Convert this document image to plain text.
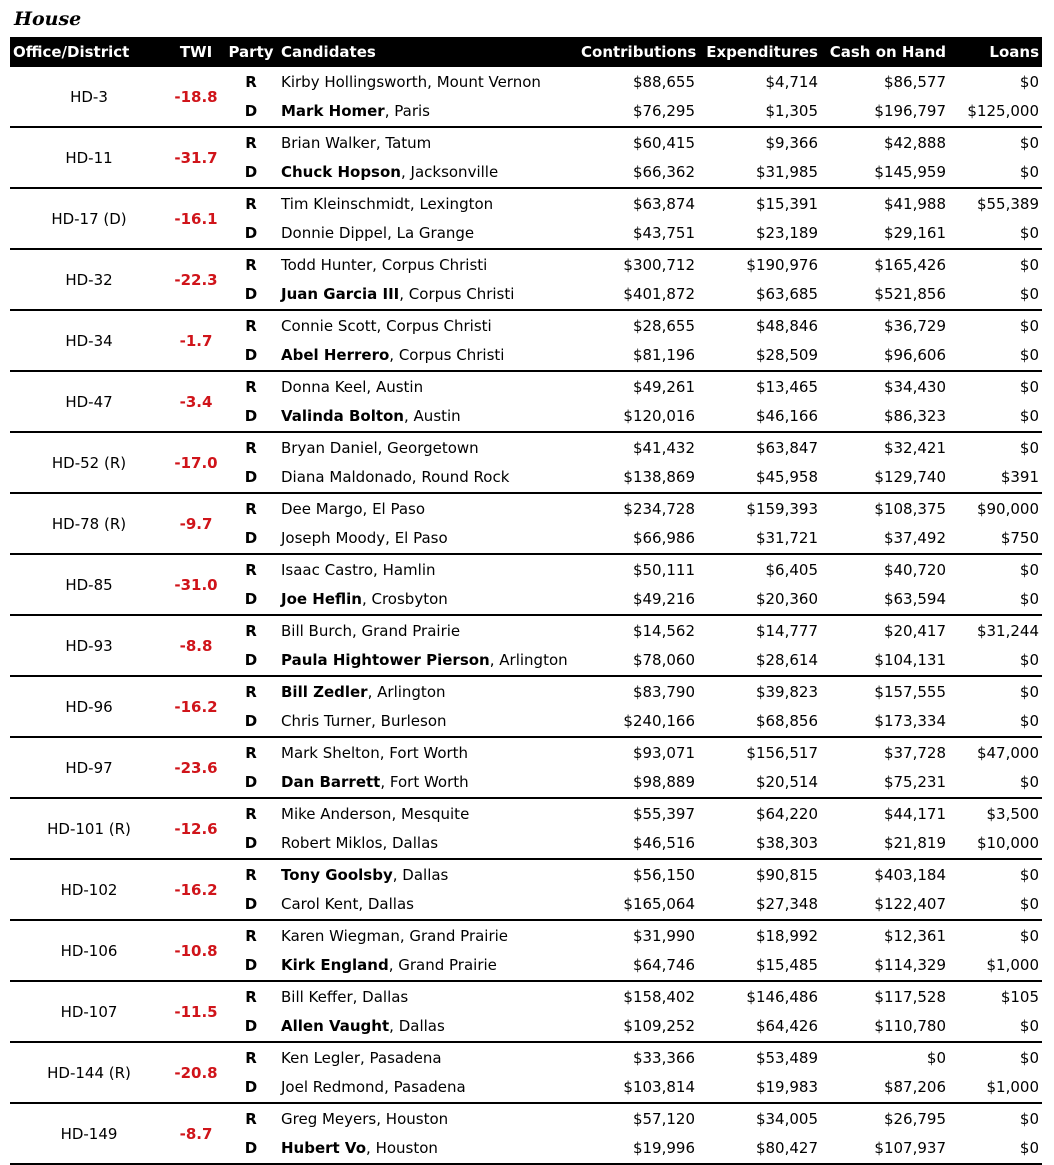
House
Office/District	TWI	Party	Candidates	Contributions	Expenditures	Cash on Hand	Loans
HD-3	-18.8	R	Kirby Hollingsworth, Mount Vernon	$88,655	$4,714	$86,577	$0
		D	Mark Homer, Paris	$76,295	$1,305	$196,797	$125,000
HD-11	-31.7	R	Brian Walker, Tatum	$60,415	$9,366	$42,888	$0
		D	Chuck Hopson, Jacksonville	$66,362	$31,985	$145,959	$0
HD-17 (D)	-16.1	R	Tim Kleinschmidt, Lexington	$63,874	$15,391	$41,988	$55,389
		D	Donnie Dippel, La Grange	$43,751	$23,189	$29,161	$0
HD-32	-22.3	R	Todd Hunter, Corpus Christi	$300,712	$190,976	$165,426	$0
		D	Juan Garcia III, Corpus Christi	$401,872	$63,685	$521,856	$0
HD-34	-1.7	R	Connie Scott, Corpus Christi	$28,655	$48,846	$36,729	$0
		D	Abel Herrero, Corpus Christi	$81,196	$28,509	$96,606	$0
HD-47	-3.4	R	Donna Keel, Austin	$49,261	$13,465	$34,430	$0
		D	Valinda Bolton, Austin	$120,016	$46,166	$86,323	$0
HD-52 (R)	-17.0	R	Bryan Daniel, Georgetown	$41,432	$63,847	$32,421	$0
		D	Diana Maldonado, Round Rock	$138,869	$45,958	$129,740	$391
HD-78 (R)	-9.7	R	Dee Margo, El Paso	$234,728	$159,393	$108,375	$90,000
		D	Joseph Moody, El Paso	$66,986	$31,721	$37,492	$750
HD-85	-31.0	R	Isaac Castro, Hamlin	$50,111	$6,405	$40,720	$0
		D	Joe Heflin, Crosbyton	$49,216	$20,360	$63,594	$0
HD-93	-8.8	R	Bill Burch, Grand Prairie	$14,562	$14,777	$20,417	$31,244
		D	Paula Hightower Pierson, Arlington	$78,060	$28,614	$104,131	$0
HD-96	-16.2	R	Bill Zedler, Arlington	$83,790	$39,823	$157,555	$0
		D	Chris Turner, Burleson	$240,166	$68,856	$173,334	$0
HD-97	-23.6	R	Mark Shelton, Fort Worth	$93,071	$156,517	$37,728	$47,000
		D	Dan Barrett, Fort Worth	$98,889	$20,514	$75,231	$0
HD-101 (R)	-12.6	R	Mike Anderson, Mesquite	$55,397	$64,220	$44,171	$3,500
		D	Robert Miklos, Dallas	$46,516	$38,303	$21,819	$10,000
HD-102	-16.2	R	Tony Goolsby, Dallas	$56,150	$90,815	$403,184	$0
		D	Carol Kent, Dallas	$165,064	$27,348	$122,407	$0
HD-106	-10.8	R	Karen Wiegman, Grand Prairie	$31,990	$18,992	$12,361	$0
		D	Kirk England, Grand Prairie	$64,746	$15,485	$114,329	$1,000
HD-107	-11.5	R	Bill Keffer, Dallas	$158,402	$146,486	$117,528	$105
		D	Allen Vaught, Dallas	$109,252	$64,426	$110,780	$0
HD-144 (R)	-20.8	R	Ken Legler, Pasadena	$33,366	$53,489	$0	$0
		D	Joel Redmond, Pasadena	$103,814	$19,983	$87,206	$1,000
HD-149	-8.7	R	Greg Meyers, Houston	$57,120	$34,005	$26,795	$0
		D	Hubert Vo, Houston	$19,996	$80,427	$107,937	$0
